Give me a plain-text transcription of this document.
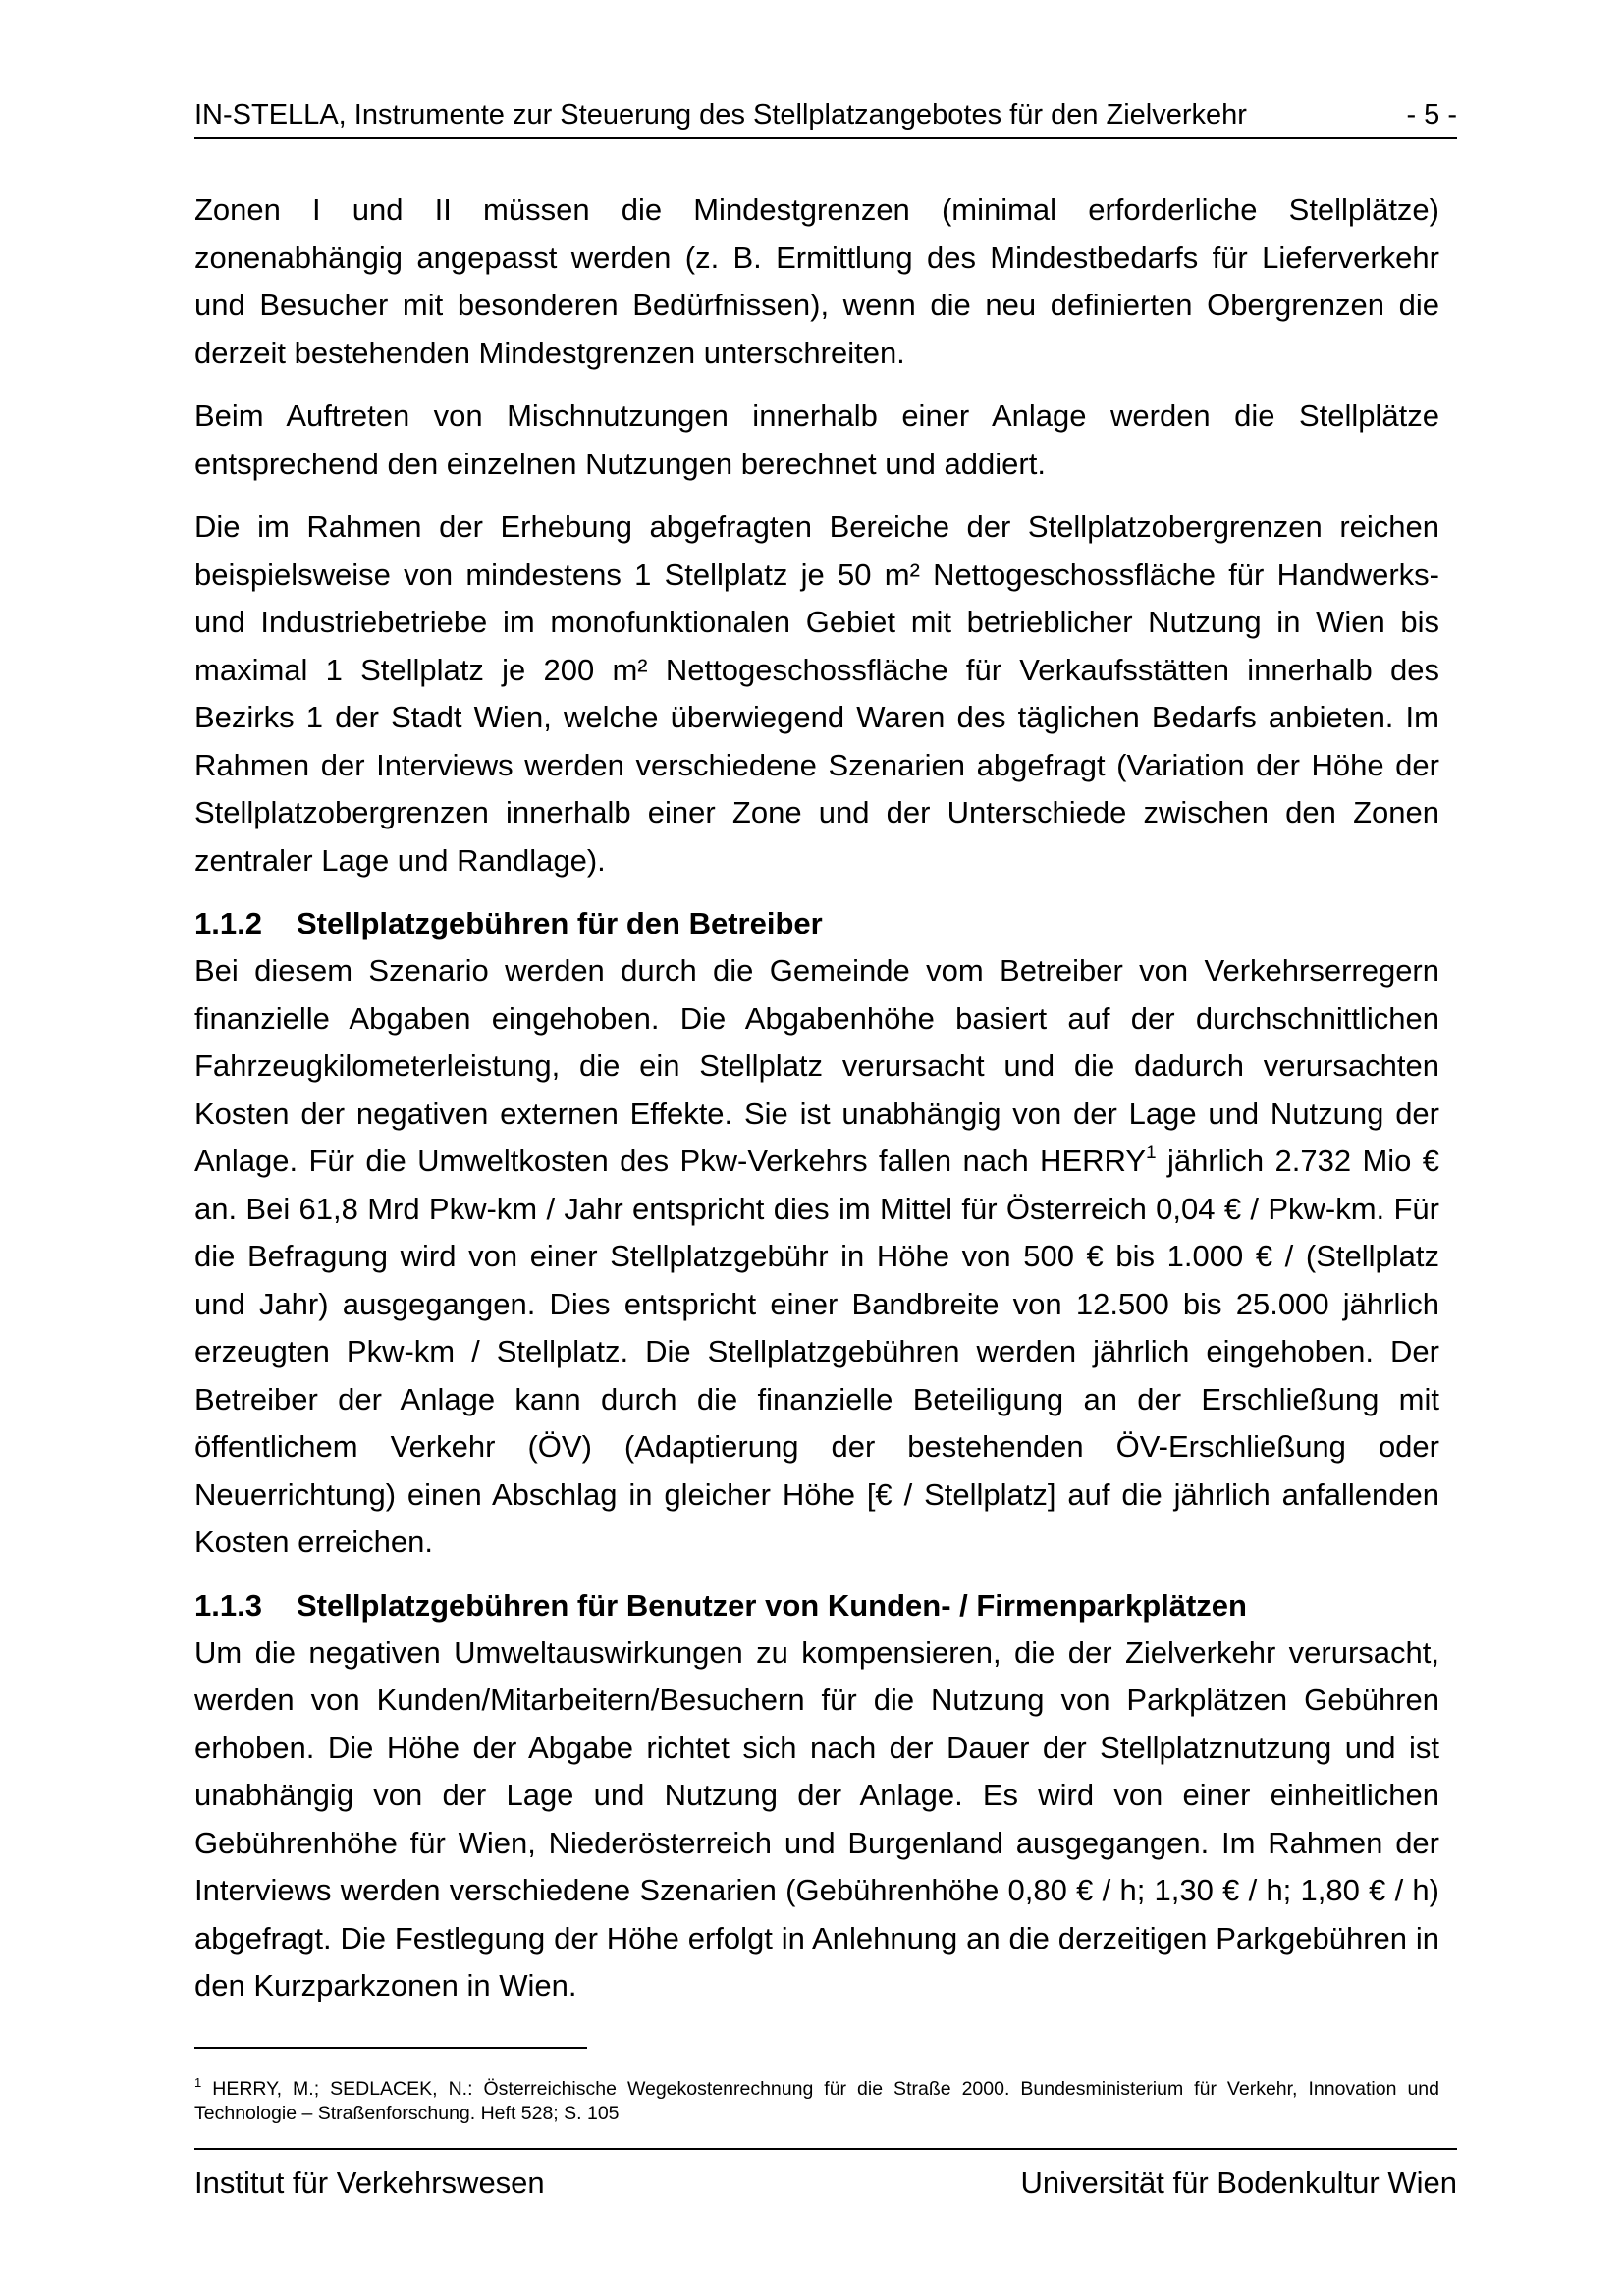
IN-STELLA, Instrumente zur Steuerung des Stellplatzangebotes für den Zielverkehr	- 5 -

Zonen I und II müssen die Mindestgrenzen (minimal erforderliche Stellplätze) zonenabhängig angepasst werden (z. B. Ermittlung des Mindestbedarfs für Lieferverkehr und Besucher mit besonderen Bedürfnissen), wenn die neu definierten Obergrenzen die derzeit bestehenden Mindestgrenzen unterschreiten.

Beim Auftreten von Mischnutzungen innerhalb einer Anlage werden die Stellplätze entsprechend den einzelnen Nutzungen berechnet und addiert.

Die im Rahmen der Erhebung abgefragten Bereiche der Stellplatzobergrenzen reichen beispielsweise von mindestens 1 Stellplatz je 50 m² Nettogeschossfläche für Handwerks- und Industriebetriebe im monofunktionalen Gebiet mit betrieblicher Nutzung in Wien bis maximal 1 Stellplatz je 200 m² Nettogeschossfläche für Verkaufsstätten innerhalb des Bezirks 1 der Stadt Wien, welche überwiegend Waren des täglichen Bedarfs anbieten. Im Rahmen der Interviews werden verschiedene Szenarien abgefragt (Variation der Höhe der Stellplatzobergrenzen innerhalb einer Zone und der Unterschiede zwischen den Zonen zentraler Lage und Randlage).

1.1.2 Stellplatzgebühren für den Betreiber

Bei diesem Szenario werden durch die Gemeinde vom Betreiber von Verkehrserregern finanzielle Abgaben eingehoben. Die Abgabenhöhe basiert auf der durchschnittlichen Fahrzeugkilometerleistung, die ein Stellplatz verursacht und die dadurch verursachten Kosten der negativen externen Effekte. Sie ist unabhängig von der Lage und Nutzung der Anlage. Für die Umweltkosten des Pkw-Verkehrs fallen nach HERRY$^1$ jährlich 2.732 Mio € an. Bei 61,8 Mrd Pkw-km / Jahr entspricht dies im Mittel für Österreich 0,04 € / Pkw-km. Für die Befragung wird von einer Stellplatzgebühr in Höhe von 500 € bis 1.000 € / (Stellplatz und Jahr) ausgegangen. Dies entspricht einer Bandbreite von 12.500 bis 25.000 jährlich erzeugten Pkw-km / Stellplatz. Die Stellplatzgebühren werden jährlich eingehoben. Der Betreiber der Anlage kann durch die finanzielle Beteiligung an der Erschließung mit öffentlichem Verkehr (ÖV) (Adaptierung der bestehenden ÖV-Erschließung oder Neuerrichtung) einen Abschlag in gleicher Höhe [€ / Stellplatz] auf die jährlich anfallenden Kosten erreichen.

1.1.3 Stellplatzgebühren für Benutzer von Kunden- / Firmenparkplätzen

Um die negativen Umweltauswirkungen zu kompensieren, die der Zielverkehr verursacht, werden von Kunden/Mitarbeitern/Besuchern für die Nutzung von Parkplätzen Gebühren erhoben. Die Höhe der Abgabe richtet sich nach der Dauer der Stellplatznutzung und ist unabhängig von der Lage und Nutzung der Anlage. Es wird von einer einheitlichen Gebührenhöhe für Wien, Niederösterreich und Burgenland ausgegangen. Im Rahmen der Interviews werden verschiedene Szenarien (Gebührenhöhe 0,80 € / h; 1,30 € / h; 1,80 € / h) abgefragt. Die Festlegung der Höhe erfolgt in Anlehnung an die derzeitigen Parkgebühren in den Kurzparkzonen in Wien.

$^1$ HERRY, M.; SEDLACEK, N.: Österreichische Wegekostenrechnung für die Straße 2000. Bundesministerium für Verkehr, Innovation und Technologie – Straßenforschung. Heft 528; S. 105
Institut für Verkehrswesen	Universität für Bodenkultur Wien
